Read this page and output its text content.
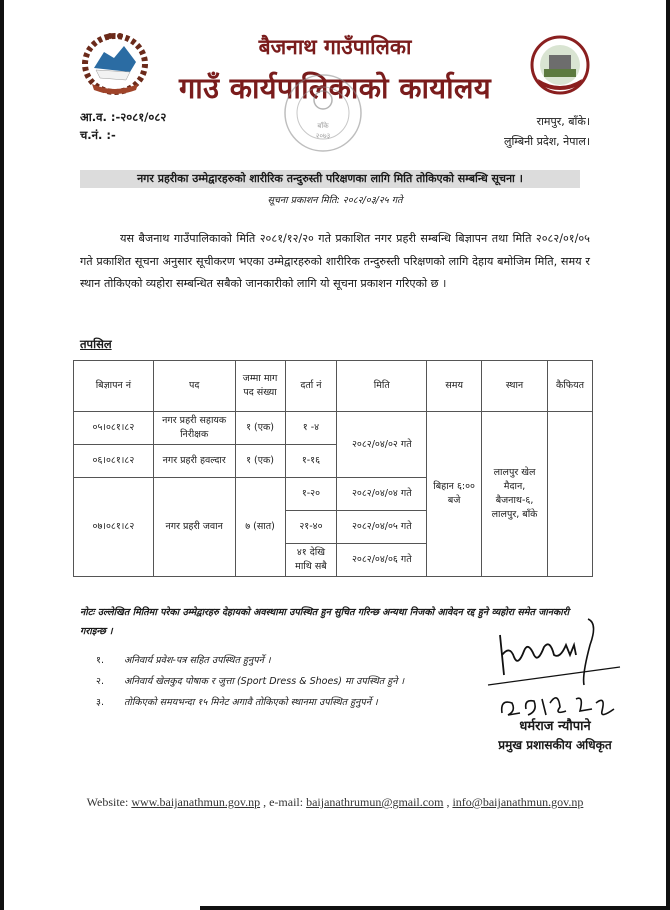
बैजनाथ गाउँपालिका
गाउँ कार्यपालिकाको कार्यालय
बाँके
२०७३
आ.व. :-२०८१/०८२
च.नं. :-
रामपुर, बाँके।
लुम्बिनी प्रदेश, नेपाल।
नगर प्रहरीका उम्मेद्वारहरुको शारीरिक तन्दुरुस्ती परिक्षणका लागि मिति तोकिएको सम्बन्धि सूचना ।
सूचना प्रकाशन मिति: २०८२/०३/२५ गते
यस बैजनाथ गाउँपालिकाको मिति २०८१/१२/२० गते प्रकाशित नगर प्रहरी सम्बन्धि बिज्ञापन तथा मिति २०८२/०१/०५ गते प्रकाशित सूचना अनुसार सूचीकरण भएका उम्मेद्वारहरुको शारीरिक तन्दुरुस्ती परिक्षणको लागि देहाय बमोजिम मिति, समय र स्थान तोकिएको व्यहोरा सम्बन्धित सबैको जानकारीको लागि यो सूचना प्रकाशन गरिएको छ ।
तपसिल
बिज्ञापन नं	पद	जम्मा माग पद संख्या	दर्ता नं	मिति	समय	स्थान	कैफियत
०५।०८१।८२	नगर प्रहरी सहायक निरीक्षक	१ (एक)	१ -४	२०८२/०४/०२ गते	बिहान ६:०० बजे	लालपुर खेल मैदान, बैजनाथ-६, लालपुर, बाँके	
०६।०८१।८२	नगर प्रहरी हवल्दार	१ (एक)	१-१६				
०७।०८१।८२	नगर प्रहरी जवान	७ (सात)	१-२०	२०८२/०४/०४ गते			
			२१-४०	२०८२/०४/०५ गते			
			४१ देखि माथि सबै	२०८२/०४/०६ गते			
नोटः उल्लेखित मितिमा परेका उम्मेद्वारहरु देहायको अवस्थामा उपस्थित हुन सुचित गरिन्छ अन्यथा निजको आवेदन रद्द हुने व्यहोरा समेत जानकारी गराइन्छ ।
१. अनिवार्य प्रवेश-पत्र सहित उपस्थित हुनुपर्ने ।
२. अनिवार्य खेलकुद पोषाक र जुत्ता (Sport Dress & Shoes) मा उपस्थित हुने ।
३. तोकिएको समयभन्दा १५ मिनेट अगावै तोकिएको स्थानमा उपस्थित हुनुपर्ने ।
धर्मराज न्यौपाने
प्रमुख प्रशासकीय अधिकृत
Website: www.baijanathmun.gov.np , e-mail: baijanathrumun@gmail.com , info@baijanathmun.gov.np
